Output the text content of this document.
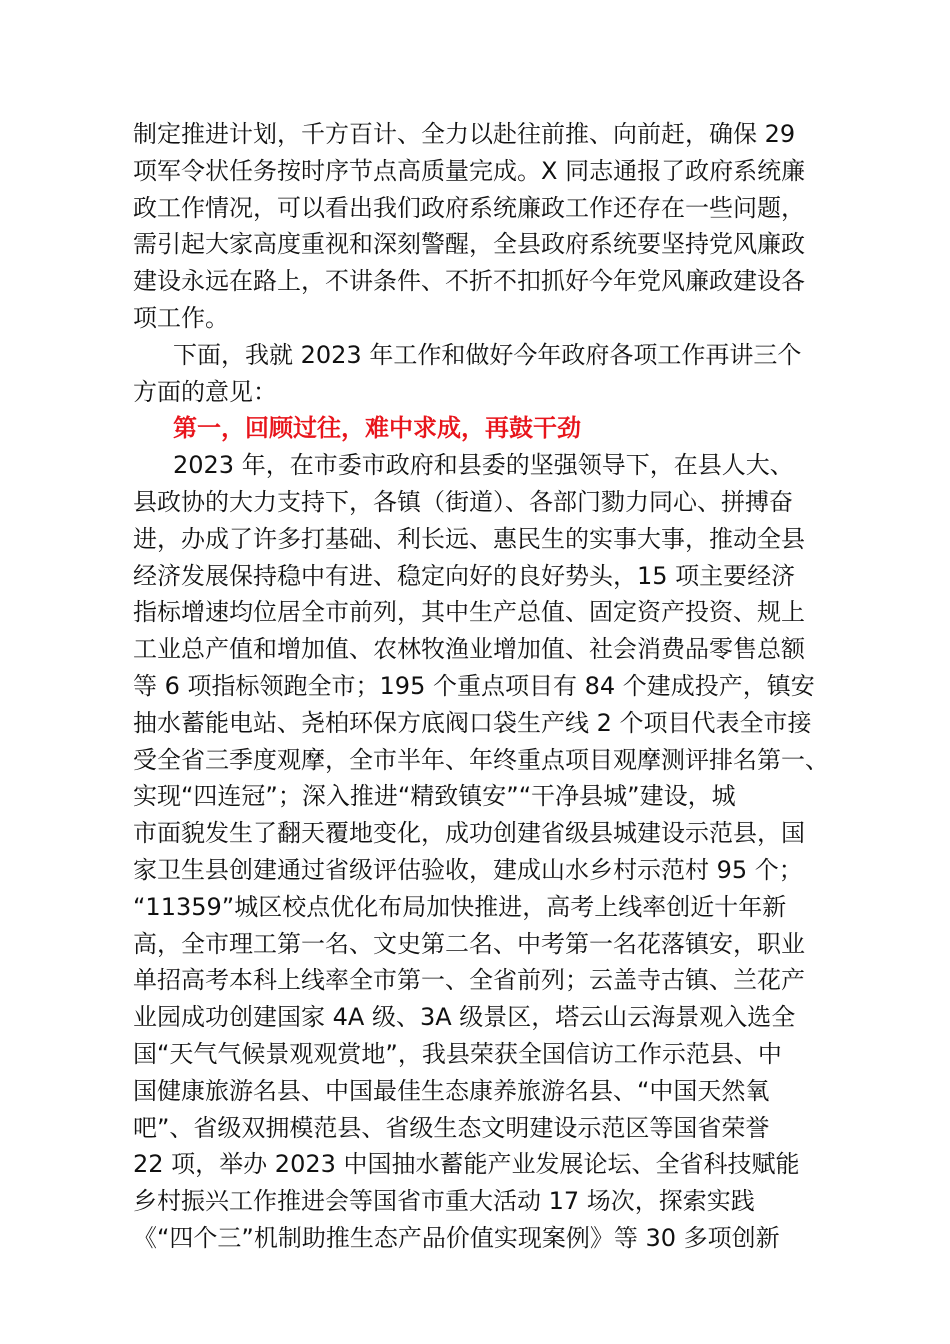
制定推进计划，千方百计、全力以赴往前推、向前赶，确保 29
项军令状任务按时序节点高质量完成。X 同志通报了政府系统廉
政工作情况，可以看出我们政府系统廉政工作还存在一些问题，
需引起大家高度重视和深刻警醒，全县政府系统要坚持党风廉政
建设永远在路上，不讲条件、不折不扣抓好今年党风廉政建设各
项工作。
下面，我就 2023 年工作和做好今年政府各项工作再讲三个
方面的意见：
第一，回顾过往，难中求成，再鼓干劲
2023 年，在市委市政府和县委的坚强领导下，在县人大、
县政协的大力支持下，各镇（街道）、各部门勠力同心、拼搏奋
进，办成了许多打基础、利长远、惠民生的实事大事，推动全县
经济发展保持稳中有进、稳定向好的良好势头，15 项主要经济
指标增速均位居全市前列，其中生产总值、固定资产投资、规上
工业总产值和增加值、农林牧渔业增加值、社会消费品零售总额
等 6 项指标领跑全市；195 个重点项目有 84 个建成投产，镇安
抽水蓄能电站、尧柏环保方底阀口袋生产线 2 个项目代表全市接
受全省三季度观摩，全市半年、年终重点项目观摩测评排名第一、
实现“四连冠”；深入推进“精致镇安”“干净县城”建设，城
市面貌发生了翻天覆地变化，成功创建省级县城建设示范县，国
家卫生县创建通过省级评估验收，建成山水乡村示范村 95 个；
“11359”城区校点优化布局加快推进，高考上线率创近十年新
高，全市理工第一名、文史第二名、中考第一名花落镇安，职业
单招高考本科上线率全市第一、全省前列；云盖寺古镇、兰花产
业园成功创建国家 4A 级、3A 级景区，塔云山云海景观入选全
国“天气气候景观观赏地”，我县荣获全国信访工作示范县、中
国健康旅游名县、中国最佳生态康养旅游名县、“中国天然氧
吧”、省级双拥模范县、省级生态文明建设示范区等国省荣誉
22 项，举办 2023 中国抽水蓄能产业发展论坛、全省科技赋能
乡村振兴工作推进会等国省市重大活动 17 场次，探索实践
《“四个三”机制助推生态产品价值实现案例》等 30 多项创新
